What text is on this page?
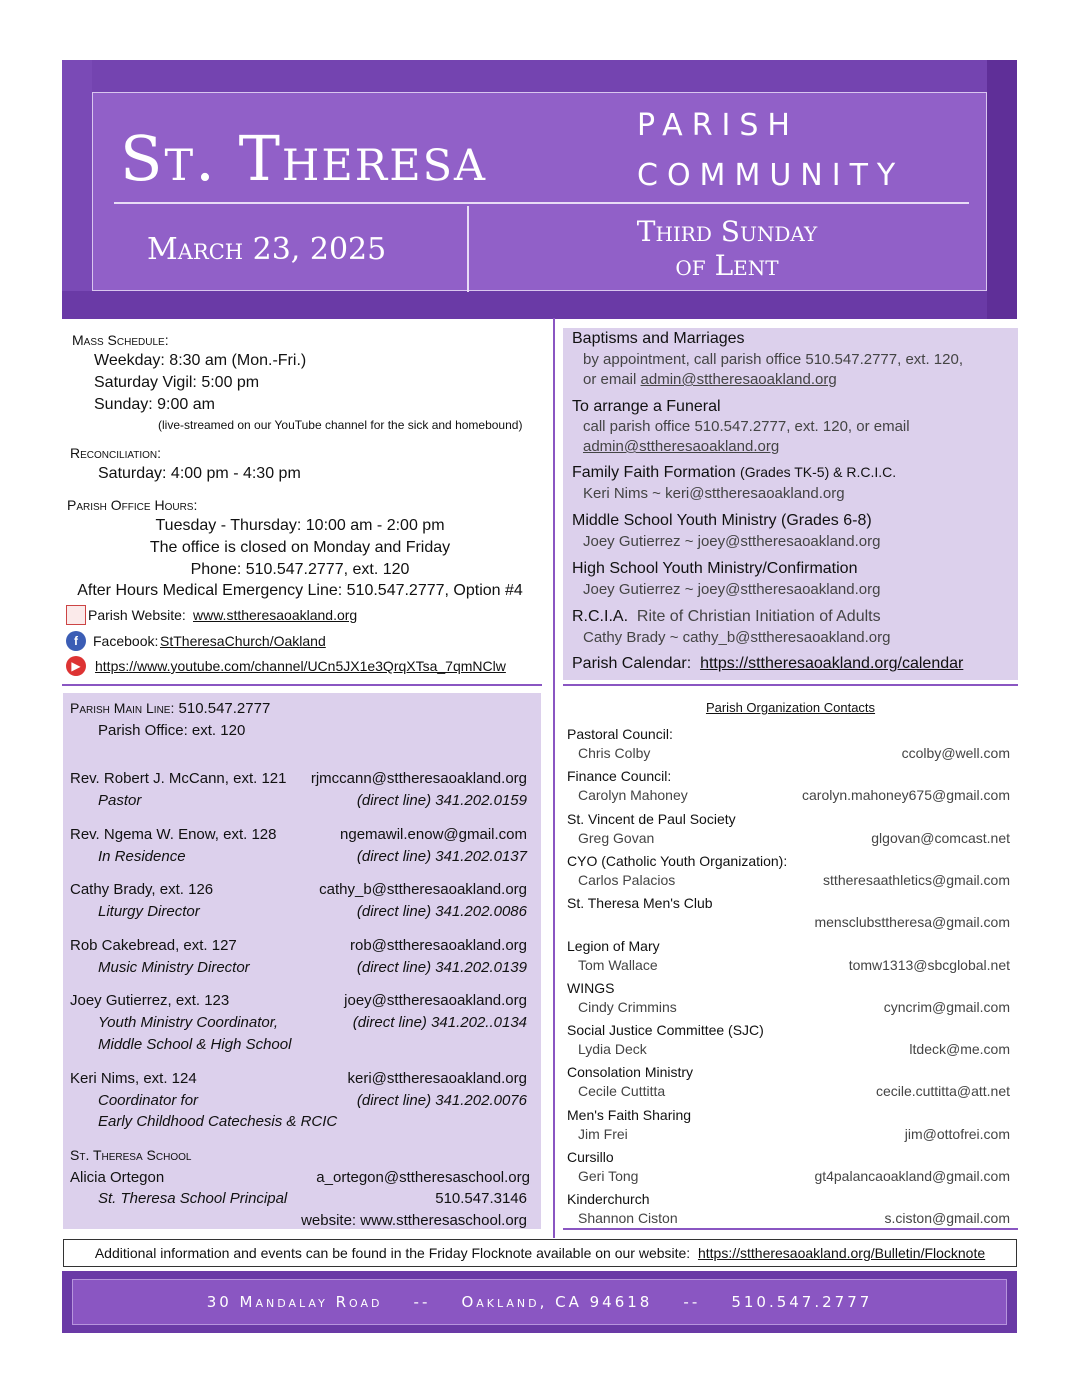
St. Theresa	PARISH
COMMUNITY
March 23, 2025
Third Sunday
of Lent
Mass Schedule:
Weekday: 8:30 am (Mon.-Fri.)
Saturday Vigil: 5:00 pm
Sunday: 9:00 am
(live-streamed on our YouTube channel for the sick and homebound)
Reconciliation:
Saturday: 4:00 pm - 4:30 pm
Parish Office Hours:
Tuesday - Thursday: 10:00 am - 2:00 pm
The office is closed on Monday and Friday
Phone: 510.547.2777, ext. 120
After Hours Medical Emergency Line: 510.547.2777, Option #4
Parish Website: www.sttheresaoakland.org
f	Facebook: StTheresaChurch/Oakland
▶	https://www.youtube.com/channel/UCn5JX1e3QrqXTsa_7qmNClw
Baptisms and Marriages
by appointment, call parish office 510.547.2777, ext. 120,
or email admin@sttheresaoakland.org
To arrange a Funeral
call parish office 510.547.2777, ext. 120, or email
admin@sttheresaoakland.org
Family Faith Formation (Grades TK-5) & R.C.I.C.
Keri Nims ~ keri@sttheresaoakland.org
Middle School Youth Ministry (Grades 6-8)
Joey Gutierrez ~ joey@sttheresaoakland.org
High School Youth Ministry/Confirmation
Joey Gutierrez ~ joey@sttheresaoakland.org
R.C.I.A. Rite of Christian Initiation of Adults
Cathy Brady ~ cathy_b@sttheresaoakland.org
Parish Calendar: https://sttheresaoakland.org/calendar
Parish Main Line: 510.547.2777
Parish Office: ext. 120
Rev. Robert J. McCann, ext. 121	rjmccann@sttheresaoakland.org
Pastor	(direct line) 341.202.0159
Rev. Ngema W. Enow, ext. 128	ngemawil.enow@gmail.com
In Residence	(direct line) 341.202.0137
Cathy Brady, ext. 126	cathy_b@sttheresaoakland.org
Liturgy Director	(direct line) 341.202.0086
Rob Cakebread, ext. 127	rob@sttheresaoakland.org
Music Ministry Director	(direct line) 341.202.0139
Joey Gutierrez, ext. 123	joey@sttheresaoakland.org
Youth Ministry Coordinator,	(direct line) 341.202..0134
Middle School & High School
Keri Nims, ext. 124	keri@sttheresaoakland.org
Coordinator for	(direct line) 341.202.0076
Early Childhood Catechesis & RCIC
St. Theresa School
Alicia Ortegon	a_ortegon@sttheresaschool.org
St. Theresa School Principal	510.547.3146
website: www.sttheresaschool.org
Parish Organization Contacts
Pastoral Council:
Chris Colby	ccolby@well.com
Finance Council:
Carolyn Mahoney	carolyn.mahoney675@gmail.com
St. Vincent de Paul Society
Greg Govan	glgovan@comcast.net
CYO (Catholic Youth Organization):
Carlos Palacios	sttheresaathletics@gmail.com
St. Theresa Men's Club
mensclubsttheresa@gmail.com
Legion of Mary
Tom Wallace	tomw1313@sbcglobal.net
WINGS
Cindy Crimmins	cyncrim@gmail.com
Social Justice Committee (SJC)
Lydia Deck	ltdeck@me.com
Consolation Ministry
Cecile Cuttitta	cecile.cuttitta@att.net
Men's Faith Sharing
Jim Frei	jim@ottofrei.com
Cursillo
Geri Tong	gt4palancaoakland@gmail.com
Kinderchurch
Shannon Ciston	s.ciston@gmail.com
Additional information and events can be found in the Friday Flocknote available on our website: https://sttheresaoakland.org/Bulletin/Flocknote
30 Mandalay Road    --    Oakland, CA 94618    --    510.547.2777
